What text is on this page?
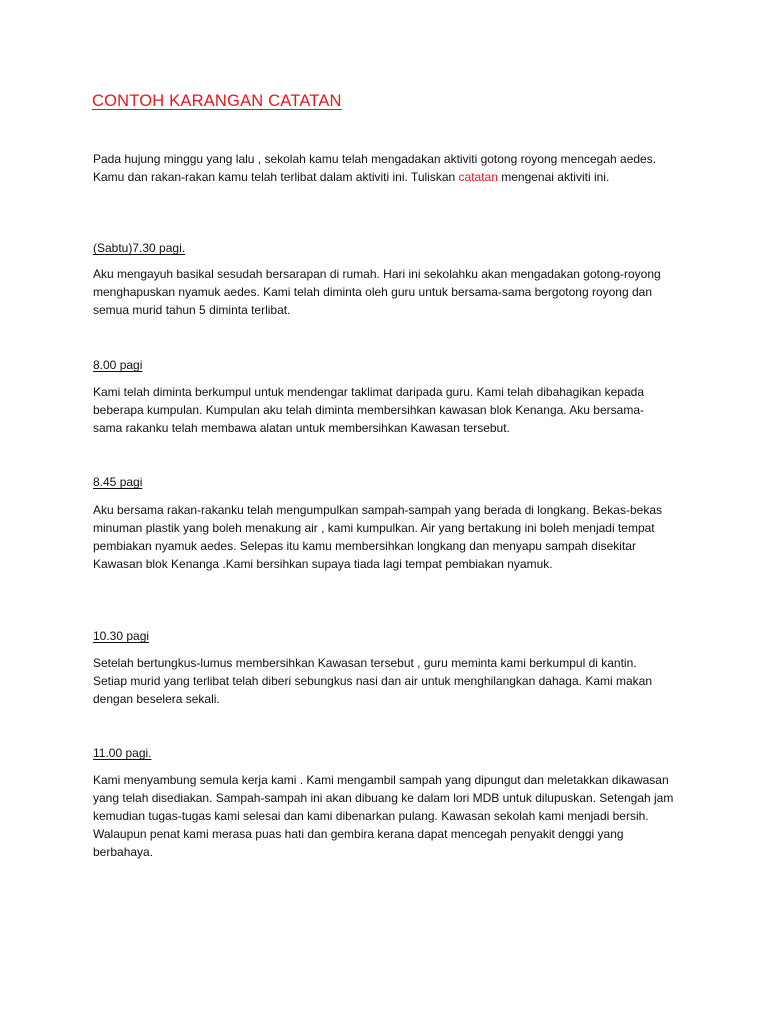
CONTOH KARANGAN CATATAN

Pada hujung minggu yang lalu , sekolah kamu telah mengadakan aktiviti gotong royong mencegah aedes. Kamu dan rakan-rakan kamu telah terlibat dalam aktiviti ini. Tuliskan catatan mengenai aktiviti ini.

(Sabtu)7.30 pagi.

Aku mengayuh basikal sesudah bersarapan di rumah. Hari ini sekolahku akan mengadakan gotong-royong menghapuskan nyamuk aedes. Kami telah diminta oleh guru untuk bersama-sama bergotong royong dan semua murid tahun 5 diminta terlibat.

8.00 pagi

Kami telah diminta berkumpul untuk mendengar taklimat daripada guru. Kami telah dibahagikan kepada beberapa kumpulan. Kumpulan aku telah diminta membersihkan kawasan blok Kenanga. Aku bersama-sama rakanku telah membawa alatan untuk membersihkan Kawasan tersebut.

8.45 pagi

Aku bersama rakan-rakanku telah mengumpulkan sampah-sampah yang berada di longkang. Bekas-bekas minuman plastik yang boleh menakung air , kami kumpulkan. Air yang bertakung ini boleh menjadi tempat pembiakan nyamuk aedes. Selepas itu kamu membersihkan longkang dan menyapu sampah disekitar Kawasan blok Kenanga .Kami bersihkan supaya tiada lagi tempat pembiakan nyamuk.

10.30 pagi

Setelah bertungkus-lumus membersihkan Kawasan tersebut , guru meminta kami berkumpul di kantin. Setiap murid yang terlibat telah diberi sebungkus nasi dan air untuk menghilangkan dahaga. Kami makan dengan beselera sekali.

11.00 pagi.

Kami menyambung semula kerja kami . Kami mengambil sampah yang dipungut dan meletakkan dikawasan yang telah disediakan. Sampah-sampah ini akan dibuang ke dalam lori MDB untuk dilupuskan. Setengah jam kemudian tugas-tugas kami selesai dan kami dibenarkan pulang. Kawasan sekolah kami menjadi bersih. Walaupun penat kami merasa puas hati dan gembira kerana dapat mencegah penyakit denggi yang berbahaya.
